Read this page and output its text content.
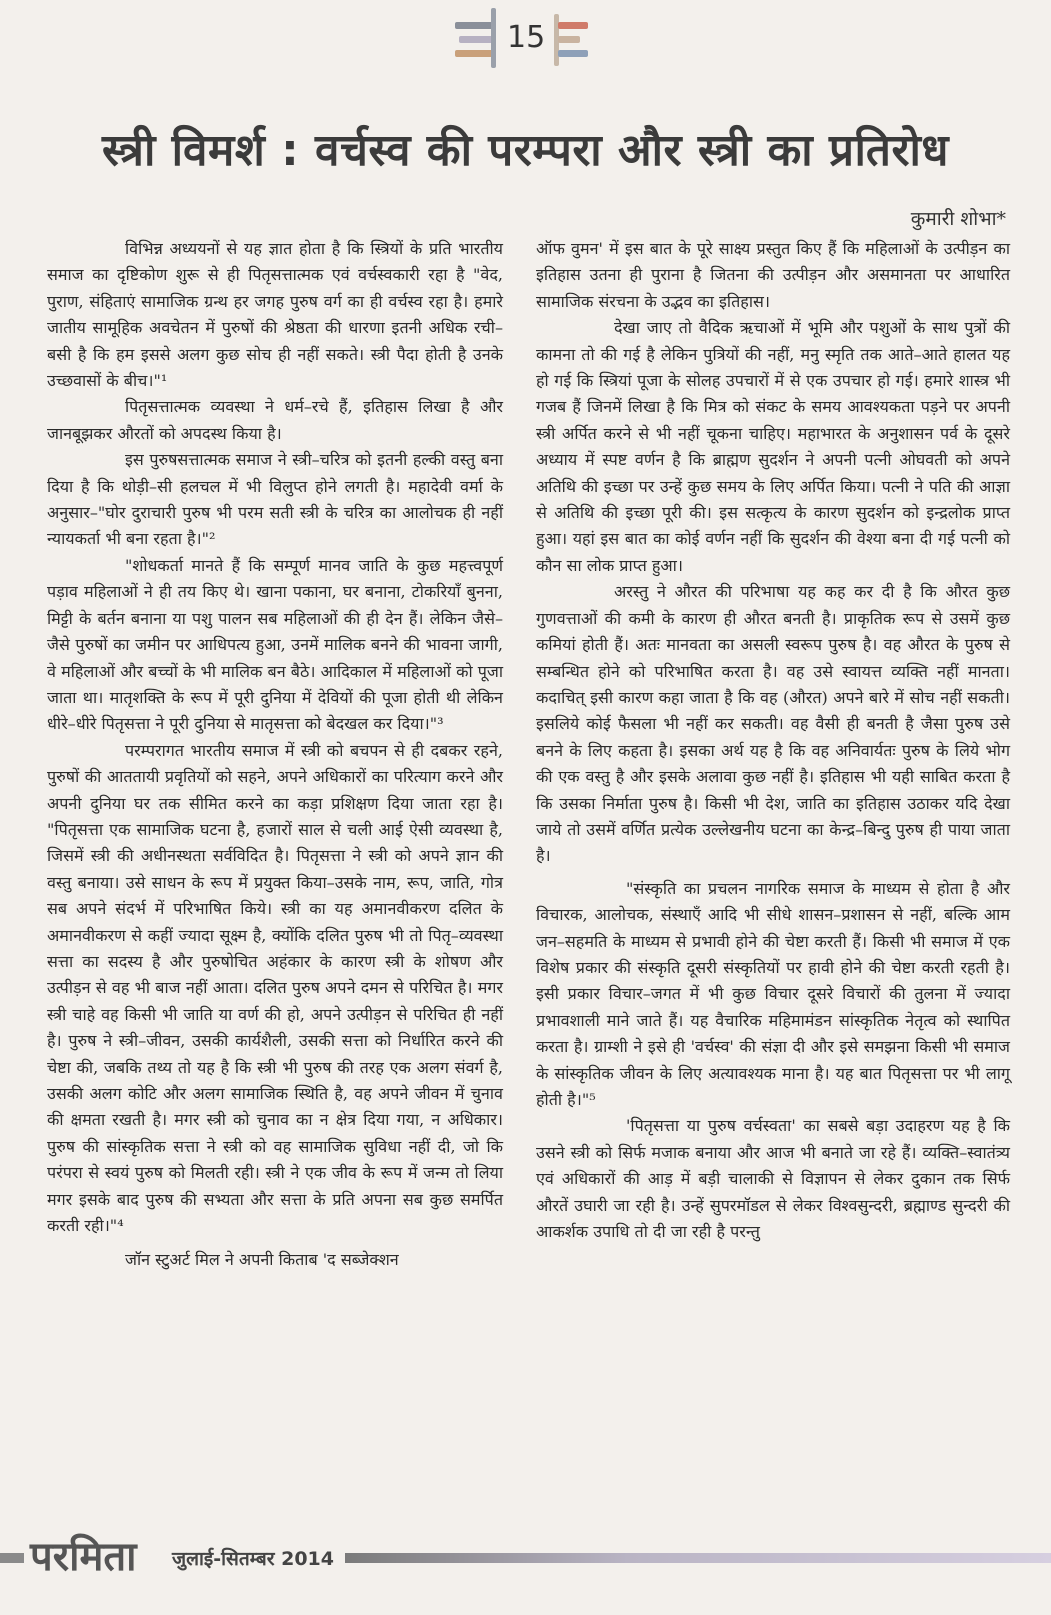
15
स्त्री विमर्श : वर्चस्व की परम्परा और स्त्री का प्रतिरोध
कुमारी शोभा*

विभिन्न अध्ययनों से यह ज्ञात होता है कि स्त्रियों के प्रति भारतीय समाज का दृष्टिकोण शुरू से ही पितृसत्तात्मक एवं वर्चस्वकारी रहा है "वेद, पुराण, संहिताएं सामाजिक ग्रन्थ हर जगह पुरुष वर्ग का ही वर्चस्व रहा है। हमारे जातीय सामूहिक अवचेतन में पुरुषों की श्रेष्ठता की धारणा इतनी अधिक रची–बसी है कि हम इससे अलग कुछ सोच ही नहीं सकते। स्त्री पैदा होती है उनके उच्छवासों के बीच।"¹

पितृसत्तात्मक व्यवस्था ने धर्म–रचे हैं, इतिहास लिखा है और जानबूझकर औरतों को अपदस्थ किया है।

इस पुरुषसत्तात्मक समाज ने स्त्री–चरित्र को इतनी हल्की वस्तु बना दिया है कि थोड़ी–सी हलचल में भी विलुप्त होने लगती है। महादेवी वर्मा के अनुसार–"घोर दुराचारी पुरुष भी परम सती स्त्री के चरित्र का आलोचक ही नहीं न्यायकर्ता भी बना रहता है।"²

"शोधकर्ता मानते हैं कि सम्पूर्ण मानव जाति के कुछ महत्त्वपूर्ण पड़ाव महिलाओं ने ही तय किए थे। खाना पकाना, घर बनाना, टोकरियाँ बुनना, मिट्टी के बर्तन बनाना या पशु पालन सब महिलाओं की ही देन हैं। लेकिन जैसे–जैसे पुरुषों का जमीन पर आधिपत्य हुआ, उनमें मालिक बनने की भावना जागी, वे महिलाओं और बच्चों के भी मालिक बन बैठे। आदिकाल में महिलाओं को पूजा जाता था। मातृशक्ति के रूप में पूरी दुनिया में देवियों की पूजा होती थी लेकिन धीरे–धीरे पितृसत्ता ने पूरी दुनिया से मातृसत्ता को बेदखल कर दिया।"³

परम्परागत भारतीय समाज में स्त्री को बचपन से ही दबकर रहने, पुरुषों की आततायी प्रवृतियों को सहने, अपने अधिकारों का परित्याग करने और अपनी दुनिया घर तक सीमित करने का कड़ा प्रशिक्षण दिया जाता रहा है। "पितृसत्ता एक सामाजिक घटना है, हजारों साल से चली आई ऐसी व्यवस्था है, जिसमें स्त्री की अधीनस्थता सर्वविदित है। पितृसत्ता ने स्त्री को अपने ज्ञान की वस्तु बनाया। उसे साधन के रूप में प्रयुक्त किया–उसके नाम, रूप, जाति, गोत्र सब अपने संदर्भ में परिभाषित किये। स्त्री का यह अमानवीकरण दलित के अमानवीकरण से कहीं ज्यादा सूक्ष्म है, क्योंकि दलित पुरुष भी तो पितृ–व्यवस्था सत्ता का सदस्य है और पुरुषोचित अहंकार के कारण स्त्री के शोषण और उत्पीड़न से वह भी बाज नहीं आता। दलित पुरुष अपने दमन से परिचित है। मगर स्त्री चाहे वह किसी भी जाति या वर्ण की हो, अपने उत्पीड़न से परिचित ही नहीं है। पुरुष ने स्त्री–जीवन, उसकी कार्यशैली, उसकी सत्ता को निर्धारित करने की चेष्टा की, जबकि तथ्य तो यह है कि स्त्री भी पुरुष की तरह एक अलग संवर्ग है, उसकी अलग कोटि और अलग सामाजिक स्थिति है, वह अपने जीवन में चुनाव की क्षमता रखती है। मगर स्त्री को चुनाव का न क्षेत्र दिया गया, न अधिकार। पुरुष की सांस्कृतिक सत्ता ने स्त्री को वह सामाजिक सुविधा नहीं दी, जो कि परंपरा से स्वयं पुरुष को मिलती रही। स्त्री ने एक जीव के रूप में जन्म तो लिया मगर इसके बाद पुरुष की सभ्यता और सत्ता के प्रति अपना सब कुछ समर्पित करती रही।"⁴

जॉन स्टुअर्ट मिल ने अपनी किताब 'द सब्जेक्शन

ऑफ वुमन' में इस बात के पूरे साक्ष्य प्रस्तुत किए हैं कि महिलाओं के उत्पीड़न का इतिहास उतना ही पुराना है जितना की उत्पीड़न और असमानता पर आधारित सामाजिक संरचना के उद्भव का इतिहास।

देखा जाए तो वैदिक ऋचाओं में भूमि और पशुओं के साथ पुत्रों की कामना तो की गई है लेकिन पुत्रियों की नहीं, मनु स्मृति तक आते–आते हालत यह हो गई कि स्त्रियां पूजा के सोलह उपचारों में से एक उपचार हो गई। हमारे शास्त्र भी गजब हैं जिनमें लिखा है कि मित्र को संकट के समय आवश्यकता पड़ने पर अपनी स्त्री अर्पित करने से भी नहीं चूकना चाहिए। महाभारत के अनुशासन पर्व के दूसरे अध्याय में स्पष्ट वर्णन है कि ब्राह्मण सुदर्शन ने अपनी पत्नी ओघवती को अपने अतिथि की इच्छा पर उन्हें कुछ समय के लिए अर्पित किया। पत्नी ने पति की आज्ञा से अतिथि की इच्छा पूरी की। इस सत्कृत्य के कारण सुदर्शन को इन्द्रलोक प्राप्त हुआ। यहां इस बात का कोई वर्णन नहीं कि सुदर्शन की वेश्या बना दी गई पत्नी को कौन सा लोक प्राप्त हुआ।

अरस्तु ने औरत की परिभाषा यह कह कर दी है कि औरत कुछ गुणवत्ताओं की कमी के कारण ही औरत बनती है। प्राकृतिक रूप से उसमें कुछ कमियां होती हैं। अतः मानवता का असली स्वरूप पुरुष है। वह औरत के पुरुष से सम्बन्धित होने को परिभाषित करता है। वह उसे स्वायत्त व्यक्ति नहीं मानता। कदाचित् इसी कारण कहा जाता है कि वह (औरत) अपने बारे में सोच नहीं सकती। इसलिये कोई फैसला भी नहीं कर सकती। वह वैसी ही बनती है जैसा पुरुष उसे बनने के लिए कहता है। इसका अर्थ यह है कि वह अनिवार्यतः पुरुष के लिये भोग की एक वस्तु है और इसके अलावा कुछ नहीं है। इतिहास भी यही साबित करता है कि उसका निर्माता पुरुष है। किसी भी देश, जाति का इतिहास उठाकर यदि देखा जाये तो उसमें वर्णित प्रत्येक उल्लेखनीय घटना का केन्द्र–बिन्दु पुरुष ही पाया जाता है।

"संस्कृति का प्रचलन नागरिक समाज के माध्यम से होता है और विचारक, आलोचक, संस्थाएँ आदि भी सीधे शासन–प्रशासन से नहीं, बल्कि आम जन–सहमति के माध्यम से प्रभावी होने की चेष्टा करती हैं। किसी भी समाज में एक विशेष प्रकार की संस्कृति दूसरी संस्कृतियों पर हावी होने की चेष्टा करती रहती है। इसी प्रकार विचार–जगत में भी कुछ विचार दूसरे विचारों की तुलना में ज्यादा प्रभावशाली माने जाते हैं। यह वैचारिक महिमामंडन सांस्कृतिक नेतृत्व को स्थापित करता है। ग्राम्शी ने इसे ही 'वर्चस्व' की संज्ञा दी और इसे समझना किसी भी समाज के सांस्कृतिक जीवन के लिए अत्यावश्यक माना है। यह बात पितृसत्ता पर भी लागू होती है।"⁵

'पितृसत्ता या पुरुष वर्चस्वता' का सबसे बड़ा उदाहरण यह है कि उसने स्त्री को सिर्फ मजाक बनाया और आज भी बनाते जा रहे हैं। व्यक्ति–स्वातंत्र्य एवं अधिकारों की आड़ में बड़ी चालाकी से विज्ञापन से लेकर दुकान तक सिर्फ औरतें उघारी जा रही है। उन्हें सुपरमॉडल से लेकर विश्वसुन्दरी, ब्रह्माण्ड सुन्दरी की आकर्शक उपाधि तो दी जा रही है परन्तु

परमिता जुलाई-सितम्बर 2014
